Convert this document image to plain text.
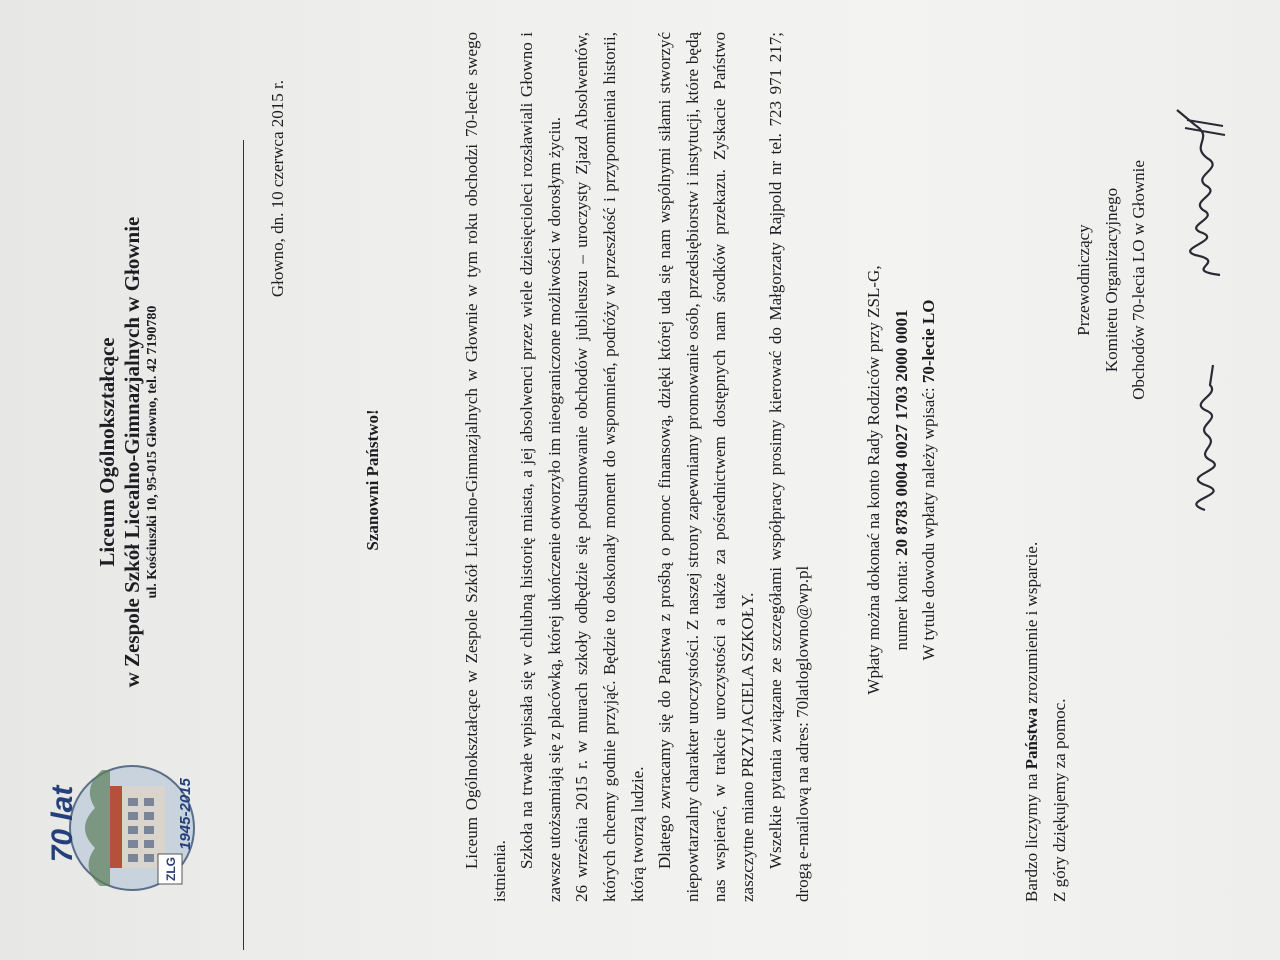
ZLG
70 lat	1945-2015
Liceum Ogólnokształcące w Zespole Szkół Licealno-Gimnazjalnych w Głownie ul. Kościuszki 10, 95-015 Głowno, tel. 42 7190780
Głowno, dn. 10 czerwca 2015 r.
Szanowni Państwo!	Liceum Ogólnokształcące w Zespole Szkół Licealno-Gimnazjalnych w Głownie w tym roku obchodzi 70-lecie swego istnienia.

Szkoła na trwałe wpisała się w chlubną historię miasta, a jej absolwenci przez wiele dziesięcioleci rozsławiali Głowno i zawsze utożsamiają się z placówką, której ukończenie otworzyło im nieograniczone możliwości w dorosłym życiu. 26 września 2015 r. w murach szkoły odbędzie się podsumowanie obchodów jubileuszu – uroczysty Zjazd Absolwentów, których chcemy godnie przyjąć. Będzie to doskonały moment do wspomnień, podróży w przeszłość i przypomnienia historii, którą tworzą ludzie. Dlatego zwracamy się do Państwa z prośbą o pomoc finansową, dzięki której uda się nam wspólnymi siłami stworzyć niepowtarzalny charakter uroczystości. Z naszej strony zapewniamy promowanie osób, przedsiębiorstw i instytucji, które będą nas wspierać, w trakcie uroczystości a także za pośrednictwem dostępnych nam środków przekazu. Zyskacie Państwo zaszczytne miano PRZYJACIELA SZKOŁY. Wszelkie pytania związane ze szczegółami współpracy prosimy kierować do Małgorzaty Rajpold nr tel. 723 971 217; drogą e-mailową na adres: 70latloglowno@wp.pl

Wpłaty można dokonać na konto Rady Rodziców przy ZSL-G, numer konta: 20 8783 0004 0027 1703 2000 0001 W tytule dowodu wpłaty należy wpisać: 70-lecie LO
Bardzo liczymy na Państwa zrozumienie i wsparcie.
Z góry dziękujemy za pomoc.
Przewodniczący Komitetu Organizacyjnego Obchodów 70-lecia LO w Głownie
